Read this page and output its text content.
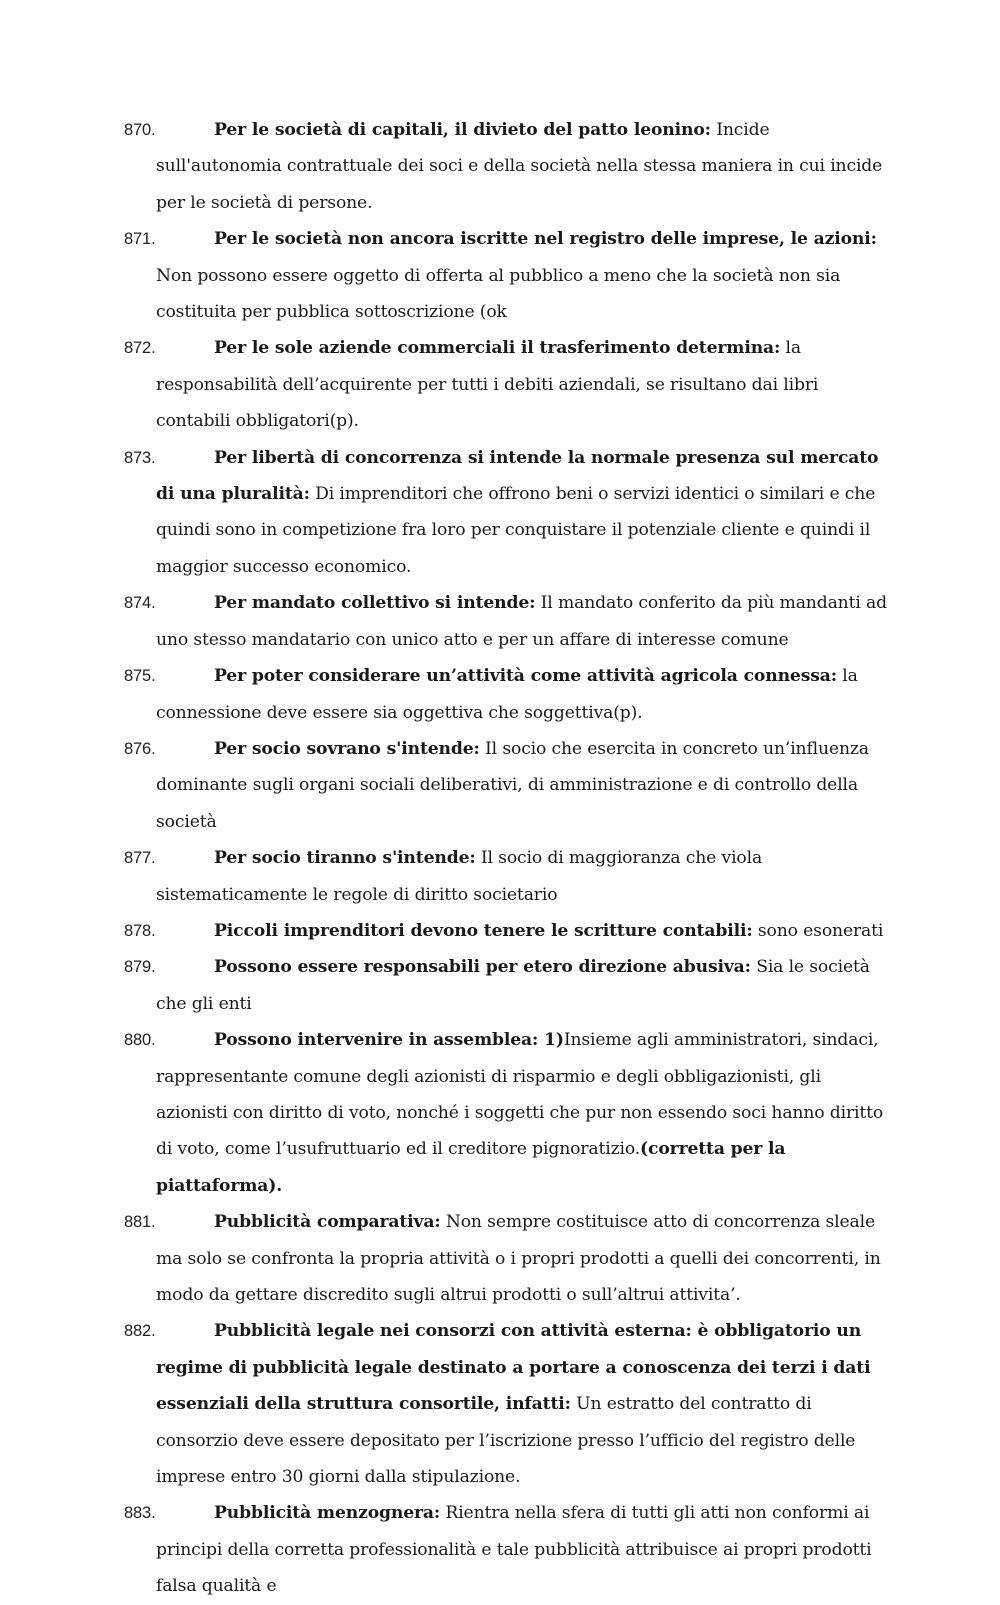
870.	Per le società di capitali, il divieto del patto leonino: Incide sull'autonomia contrattuale dei soci e della società nella stessa maniera in cui incide per le società di persone.
871.	Per le società non ancora iscritte nel registro delle imprese, le azioni: Non possono essere oggetto di offerta al pubblico a meno che la società non sia costituita per pubblica sottoscrizione (ok
872.	Per le sole aziende commerciali il trasferimento determina: la responsabilità dell’acquirente per tutti i debiti aziendali, se risultano dai libri contabili obbligatori(p).
873.	Per libertà di concorrenza si intende la normale presenza sul mercato di una pluralità: Di imprenditori che offrono beni o servizi identici o similari e che quindi sono in competizione fra loro per conquistare il potenziale cliente e quindi il maggior successo economico.
874.	Per mandato collettivo si intende: Il mandato conferito da più mandanti ad uno stesso mandatario con unico atto e per un affare di interesse comune
875.	Per poter considerare un’attività come attività agricola connessa: la connessione deve essere sia oggettiva che soggettiva(p).
876.	Per socio sovrano s'intende: Il socio che esercita in concreto un’influenza dominante sugli organi sociali deliberativi, di amministrazione e di controllo della società
877.	Per socio tiranno s'intende: Il socio di maggioranza che viola sistematicamente le regole di diritto societario
878.	Piccoli imprenditori devono tenere le scritture contabili: sono esonerati
879.	Possono essere responsabili per etero direzione abusiva: Sia le società che gli enti
880.	Possono intervenire in assemblea: 1)Insieme agli amministratori, sindaci, rappresentante comune degli azionisti di risparmio e degli obbligazionisti, gli azionisti con diritto di voto, nonché i soggetti che pur non essendo soci hanno diritto di voto, come l’usufruttuario ed il creditore pignoratizio.(corretta per la piattaforma).
881.	Pubblicità comparativa: Non sempre costituisce atto di concorrenza sleale ma solo se confronta la propria attività o i propri prodotti a quelli dei concorrenti, in modo da gettare discredito sugli altrui prodotti o sull’altrui attivita’.
882.	Pubblicità legale nei consorzi con attività esterna: è obbligatorio un regime di pubblicità legale destinato a portare a conoscenza dei terzi i dati essenziali della struttura consortile, infatti: Un estratto del contratto di consorzio deve essere depositato per l’iscrizione presso l’ufficio del registro delle imprese entro 30 giorni dalla stipulazione.
883.	Pubblicità menzognera: Rientra nella sfera di tutti gli atti non conformi ai principi della corretta professionalità e tale pubblicità attribuisce ai propri prodotti falsa qualità e
